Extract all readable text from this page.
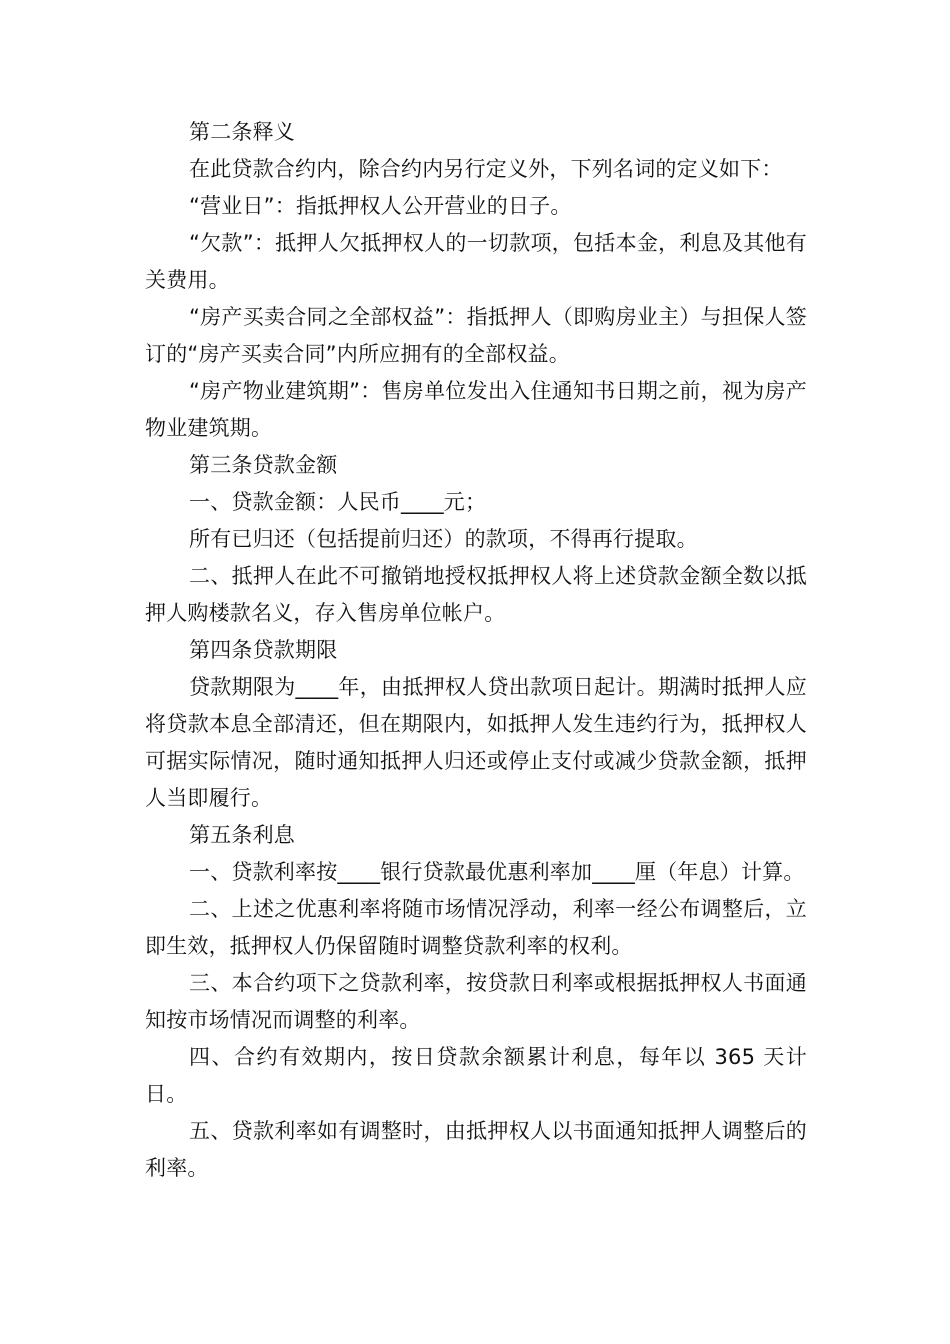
第二条释义

在此贷款合约内，除合约内另行定义外，下列名词的定义如下：

“营业日”：指抵押权人公开营业的日子。

“欠款”：抵押人欠抵押权人的一切款项，包括本金，利息及其他有关费用。

“房产买卖合同之全部权益”：指抵押人（即购房业主）与担保人签订的“房产买卖合同”内所应拥有的全部权益。

“房产物业建筑期”：售房单位发出入住通知书日期之前，视为房产物业建筑期。

第三条贷款金额

一、贷款金额：人民币____元；

所有已归还（包括提前归还）的款项，不得再行提取。

二、抵押人在此不可撤销地授权抵押权人将上述贷款金额全数以抵押人购楼款名义，存入售房单位帐户。

第四条贷款期限

贷款期限为____年，由抵押权人贷出款项日起计。期满时抵押人应将贷款本息全部清还，但在期限内，如抵押人发生违约行为，抵押权人可据实际情况，随时通知抵押人归还或停止支付或减少贷款金额，抵押人当即履行。

第五条利息

一、贷款利率按____银行贷款最优惠利率加____厘（年息）计算。

二、上述之优惠利率将随市场情况浮动，利率一经公布调整后，立即生效，抵押权人仍保留随时调整贷款利率的权利。

三、本合约项下之贷款利率，按贷款日利率或根据抵押权人书面通知按市场情况而调整的利率。

四、合约有效期内，按日贷款余额累计利息，每年以 365 天计日。

五、贷款利率如有调整时，由抵押权人以书面通知抵押人调整后的利率。
